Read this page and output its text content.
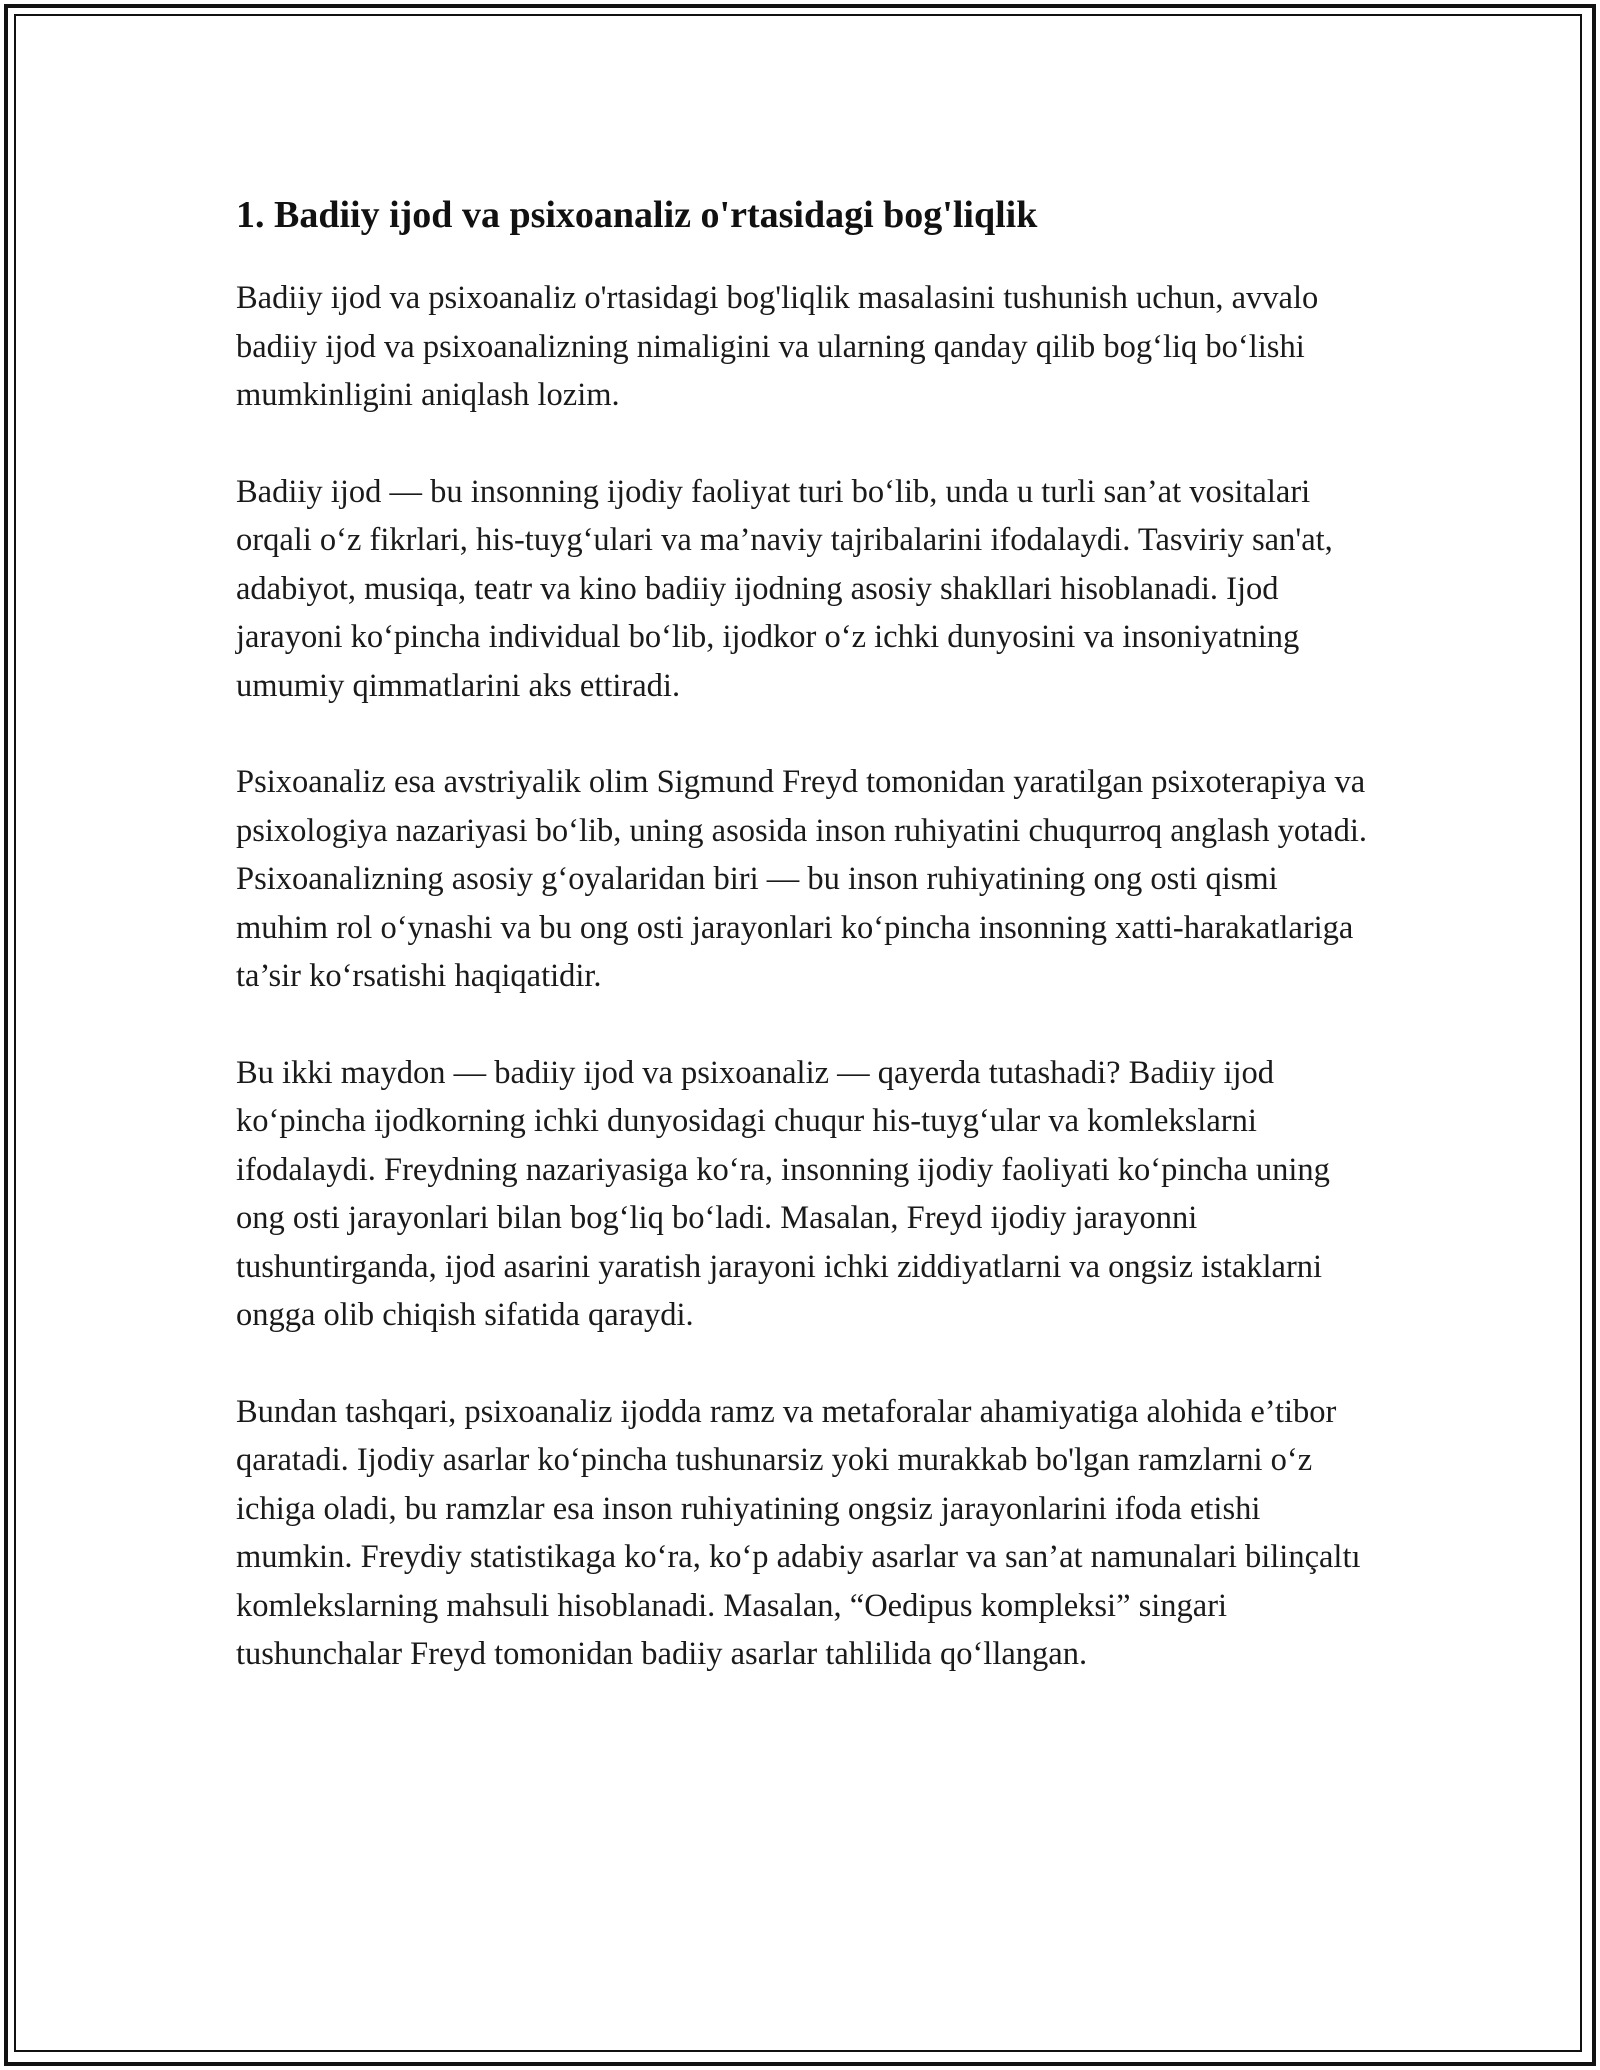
1. Badiiy ijod va psixoanaliz o'rtasidagi bog'liqlik

Badiiy ijod va psixoanaliz o'rtasidagi bog'liqlik masalasini tushunish uchun, avvalo badiiy ijod va psixoanalizning nimaligini va ularning qanday qilib bog‘liq bo‘lishi mumkinligini aniqlash lozim.

Badiiy ijod — bu insonning ijodiy faoliyat turi bo‘lib, unda u turli san’at vositalari orqali o‘z fikrlari, his-tuyg‘ulari va ma’naviy tajribalarini ifodalaydi. Tasviriy san'at, adabiyot, musiqa, teatr va kino badiiy ijodning asosiy shakllari hisoblanadi. Ijod jarayoni ko‘pincha individual bo‘lib, ijodkor o‘z ichki dunyosini va insoniyatning umumiy qimmatlarini aks ettiradi.

Psixoanaliz esa avstriyalik olim Sigmund Freyd tomonidan yaratilgan psixoterapiya va psixologiya nazariyasi bo‘lib, uning asosida inson ruhiyatini chuqurroq anglash yotadi. Psixoanalizning asosiy g‘oyalaridan biri — bu inson ruhiyatining ong osti qismi muhim rol o‘ynashi va bu ong osti jarayonlari ko‘pincha insonning xatti-harakatlariga ta’sir ko‘rsatishi haqiqatidir.

Bu ikki maydon — badiiy ijod va psixoanaliz — qayerda tutashadi? Badiiy ijod ko‘pincha ijodkorning ichki dunyosidagi chuqur his-tuyg‘ular va komlekslarni ifodalaydi. Freydning nazariyasiga ko‘ra, insonning ijodiy faoliyati ko‘pincha uning ong osti jarayonlari bilan bog‘liq bo‘ladi. Masalan, Freyd ijodiy jarayonni tushuntirganda, ijod asarini yaratish jarayoni ichki ziddiyatlarni va ongsiz istaklarni ongga olib chiqish sifatida qaraydi.

Bundan tashqari, psixoanaliz ijodda ramz va metaforalar ahamiyatiga alohida e’tibor qaratadi. Ijodiy asarlar ko‘pincha tushunarsiz yoki murakkab bo'lgan ramzlarni o‘z ichiga oladi, bu ramzlar esa inson ruhiyatining ongsiz jarayonlarini ifoda etishi mumkin. Freydiy statistikaga ko‘ra, ko‘p adabiy asarlar va san’at namunalari bilinçaltı komlekslarning mahsuli hisoblanadi. Masalan, “Oedipus kompleksi” singari tushunchalar Freyd tomonidan badiiy asarlar tahlilida qo‘llangan.
